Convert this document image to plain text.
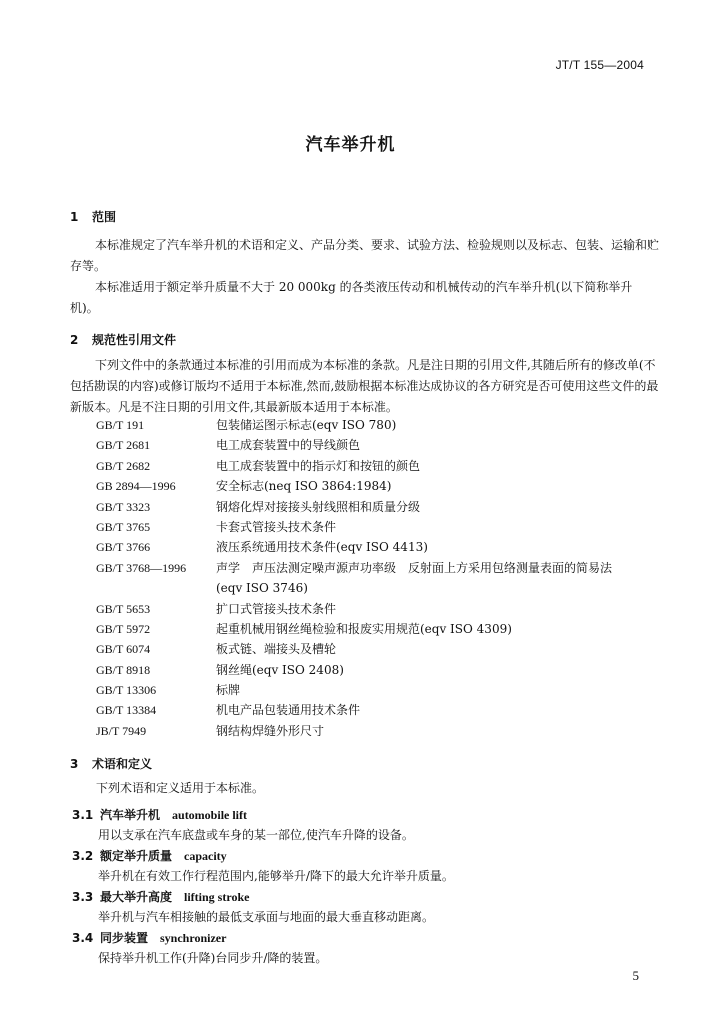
JT/T 155—2004
汽车举升机
1 范围
本标准规定了汽车举升机的术语和定义、产品分类、要求、试验方法、检验规则以及标志、包装、运输和贮存等。
本标准适用于额定举升质量不大于 20 000kg 的各类液压传动和机械传动的汽车举升机(以下简称举升机)。
2 规范性引用文件
下列文件中的条款通过本标准的引用而成为本标准的条款。凡是注日期的引用文件,其随后所有的修改单(不包括勘误的内容)或修订版均不适用于本标准,然而,鼓励根据本标准达成协议的各方研究是否可使用这些文件的最新版本。凡是不注日期的引用文件,其最新版本适用于本标准。
GB/T 191	包装储运图示标志(eqv ISO 780)
GB/T 2681	电工成套装置中的导线颜色
GB/T 2682	电工成套装置中的指示灯和按钮的颜色
GB 2894—1996	安全标志(neq ISO 3864:1984)
GB/T 3323	钢熔化焊对接接头射线照相和质量分级
GB/T 3765	卡套式管接头技术条件
GB/T 3766	液压系统通用技术条件(eqv ISO 4413)
GB/T 3768—1996	声学　声压法测定噪声源声功率级　反射面上方采用包络测量表面的简易法
(eqv ISO 3746)
GB/T 5653	扩口式管接头技术条件
GB/T 5972	起重机械用钢丝绳检验和报废实用规范(eqv ISO 4309)
GB/T 6074	板式链、端接头及槽轮
GB/T 8918	钢丝绳(eqv ISO 2408)
GB/T 13306	标牌
GB/T 13384	机电产品包装通用技术条件
JB/T 7949	钢结构焊缝外形尺寸
3 术语和定义
下列术语和定义适用于本标准。
3.1 汽车举升机 automobile lift
用以支承在汽车底盘或车身的某一部位,使汽车升降的设备。
3.2 额定举升质量 capacity
举升机在有效工作行程范围内,能够举升/降下的最大允许举升质量。
3.3 最大举升高度 lifting stroke
举升机与汽车相接触的最低支承面与地面的最大垂直移动距离。
3.4 同步装置 synchronizer
保持举升机工作(升降)台同步升/降的装置。
5
